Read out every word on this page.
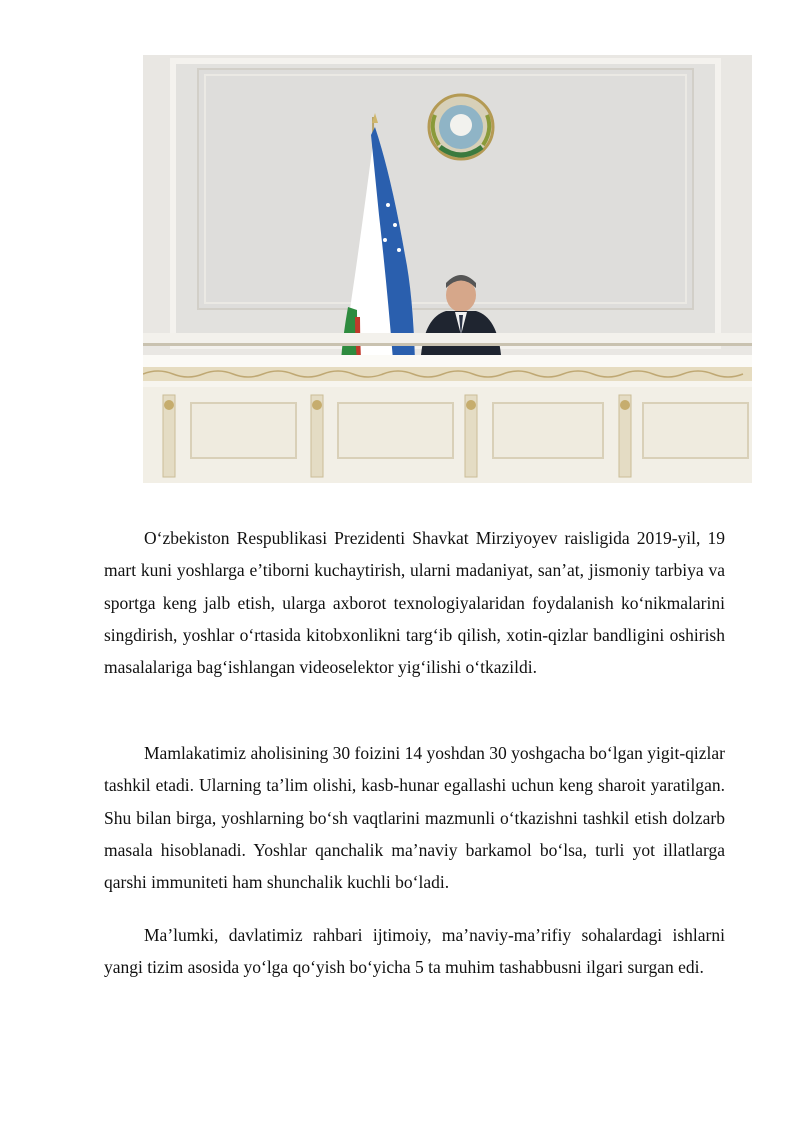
O‘zbekiston Respublikasi Prezidenti Shavkat Mirziyoyev raisligida 2019-yil, 19 mart kuni yoshlarga e’tiborni kuchaytirish, ularni madaniyat, san’at, jismoniy tarbiya va sportga keng jalb etish, ularga axborot texnologiyalaridan foydalanish ko‘nikmalarini singdirish, yoshlar o‘rtasida kitobxonlikni targ‘ib qilish, xotin-qizlar bandligini oshirish masalalariga bag‘ishlangan videoselektor yig‘ilishi o‘tkazildi.

Mamlakatimiz aholisining 30 foizini 14 yoshdan 30 yoshgacha bo‘lgan yigit-qizlar tashkil etadi. Ularning ta’lim olishi, kasb-hunar egallashi uchun keng sharoit yaratilgan. Shu bilan birga, yoshlarning bo‘sh vaqtlarini mazmunli o‘tkazishni tashkil etish dolzarb masala hisoblanadi. Yoshlar qanchalik ma’naviy barkamol bo‘lsa, turli yot illatlarga qarshi immuniteti ham shunchalik kuchli bo‘ladi.

Ma’lumki, davlatimiz rahbari ijtimoiy, ma’naviy-ma’rifiy sohalardagi ishlarni yangi tizim asosida yo‘lga qo‘yish bo‘yicha 5 ta muhim tashabbusni ilgari surgan edi.
